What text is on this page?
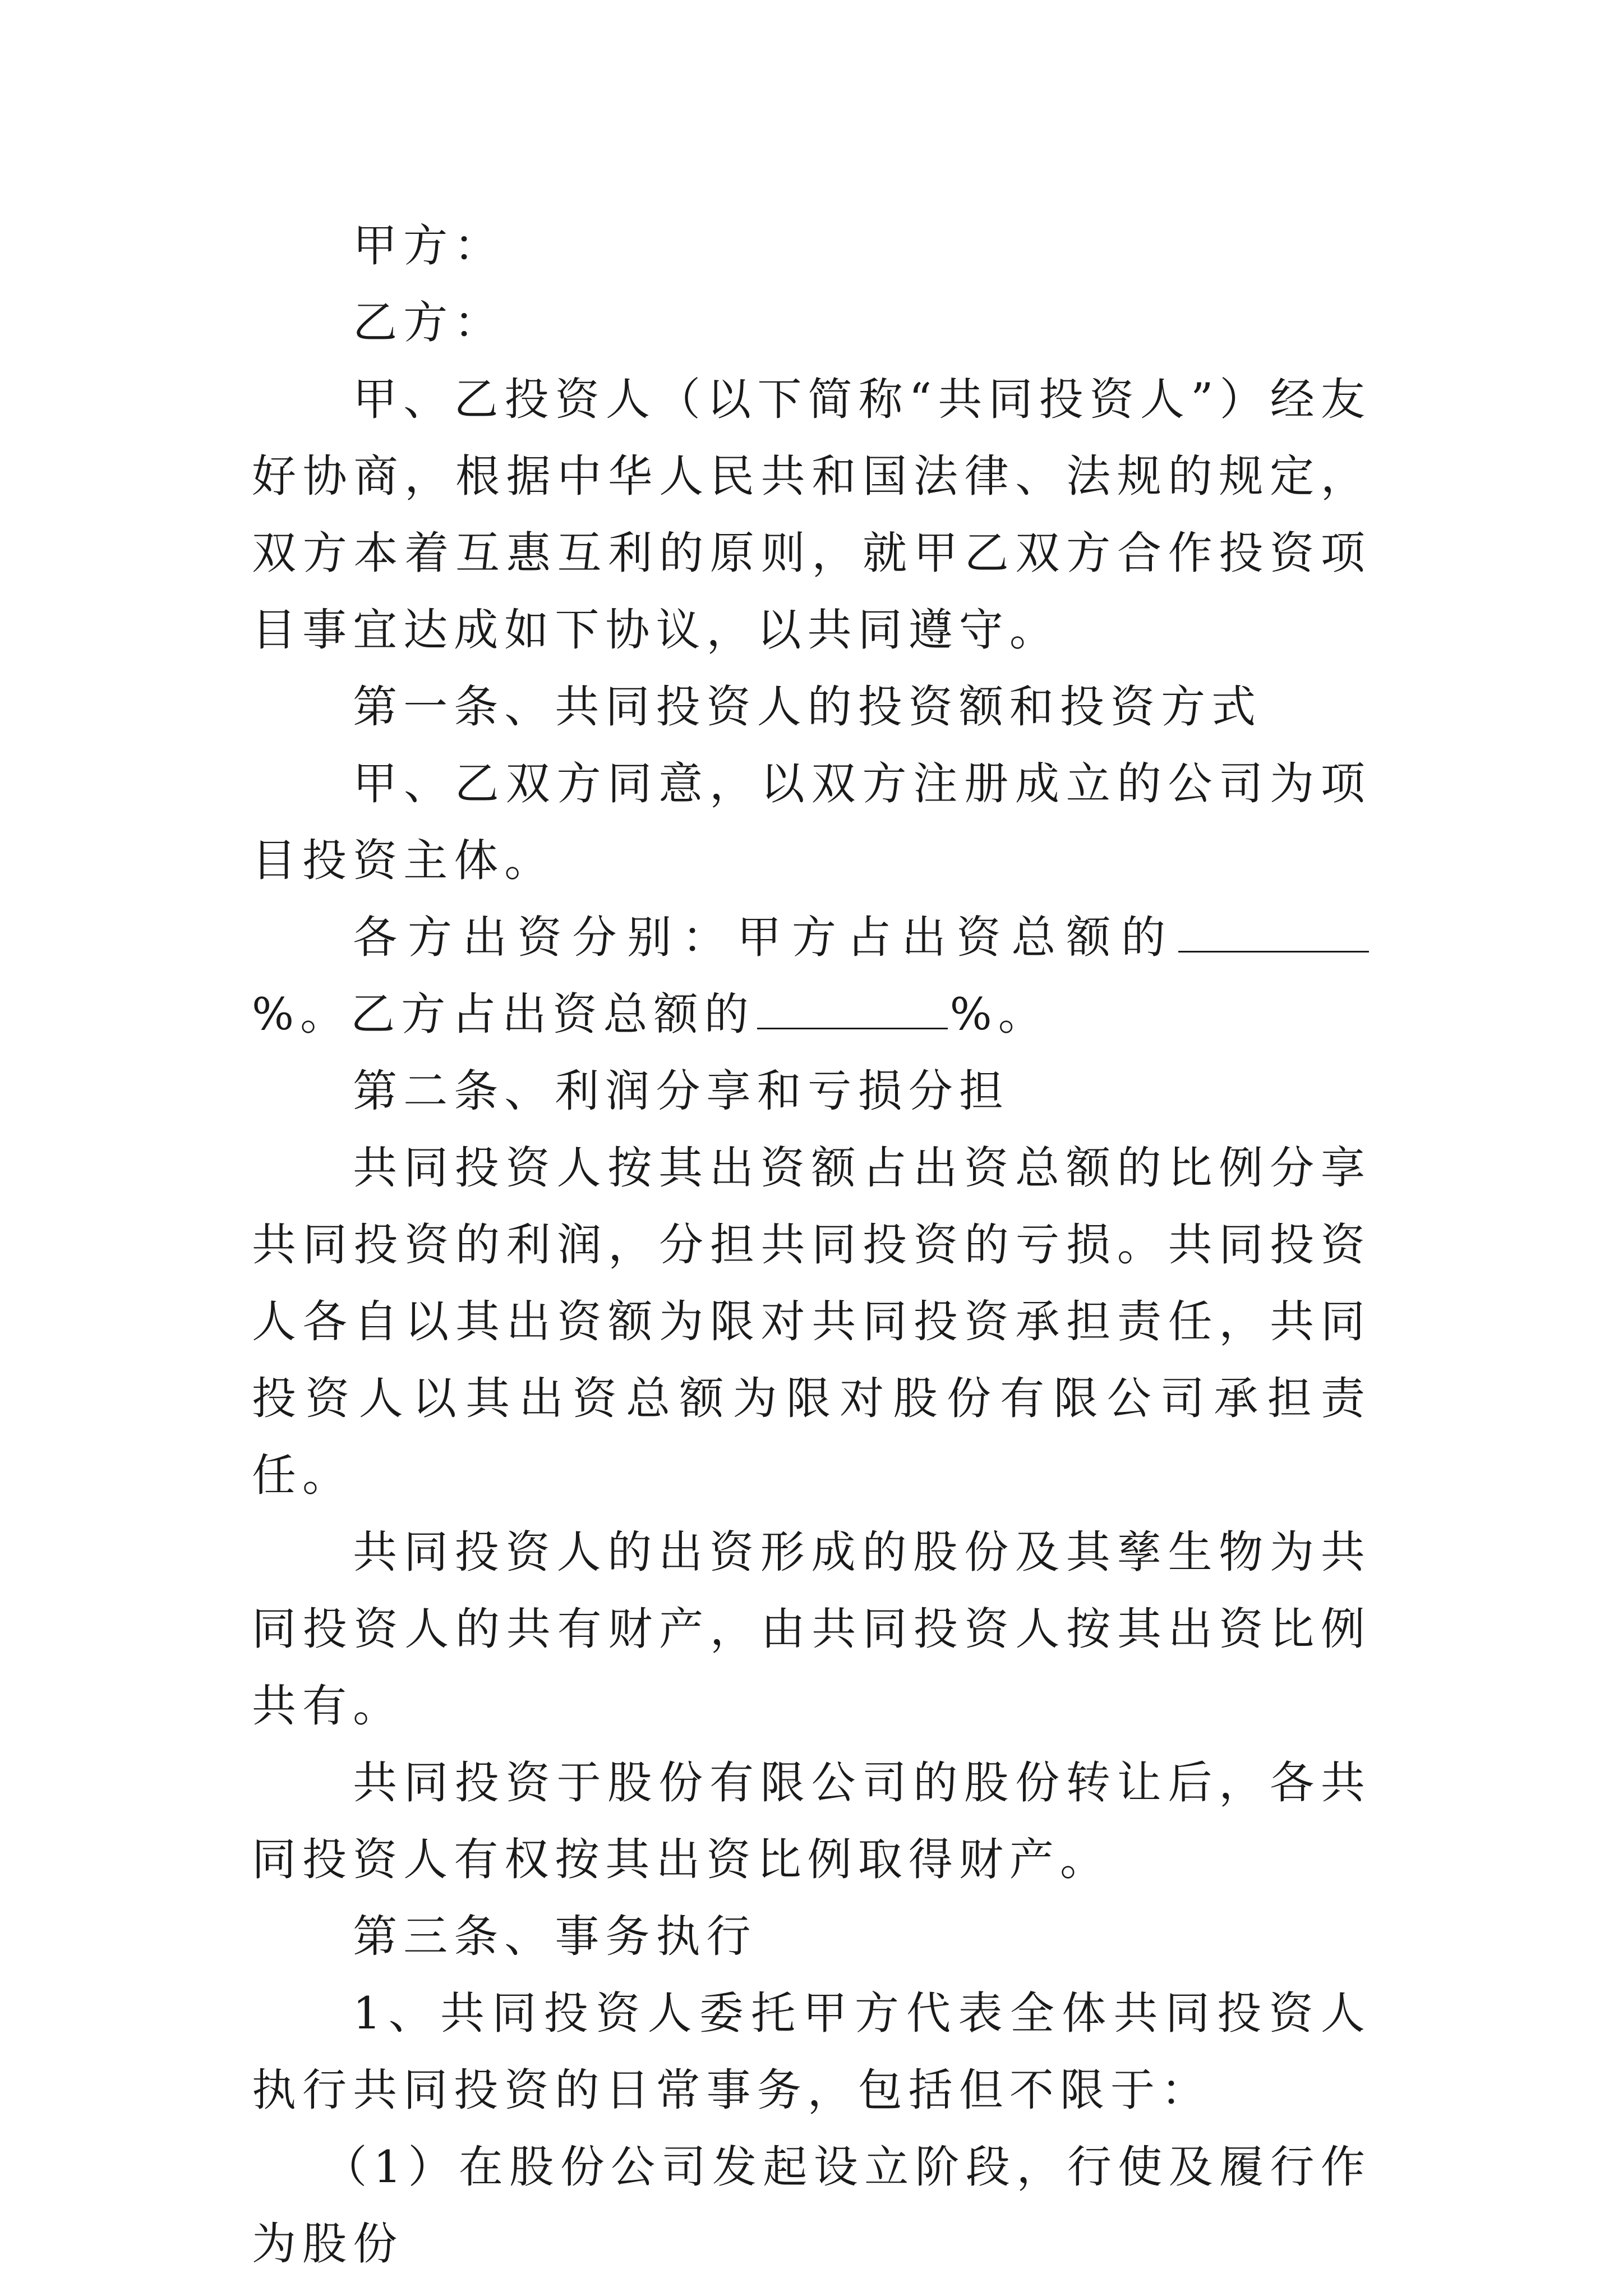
甲方：

乙方：

甲、乙投资人（以下简称“共同投资人”）经友好协商，根据中华人民共和国法律、法规的规定，双方本着互惠互利的原则，就甲乙双方合作投资项目事宜达成如下协议，以共同遵守。

第一条、共同投资人的投资额和投资方式

甲、乙双方同意，以双方注册成立的公司为项目投资主体。

各方出资分别：甲方占出资总额的%。乙方占出资总额的	%。

第二条、利润分享和亏损分担

共同投资人按其出资额占出资总额的比例分享共同投资的利润，分担共同投资的亏损。共同投资人各自以其出资额为限对共同投资承担责任，共同投资人以其出资总额为限对股份有限公司承担责任。

共同投资人的出资形成的股份及其孳生物为共同投资人的共有财产，由共同投资人按其出资比例共有。

共同投资于股份有限公司的股份转让后，各共同投资人有权按其出资比例取得财产。

第三条、事务执行

1、共同投资人委托甲方代表全体共同投资人执行共同投资的日常事务，包括但不限于：

（1）在股份公司发起设立阶段，行使及履行作为股份
